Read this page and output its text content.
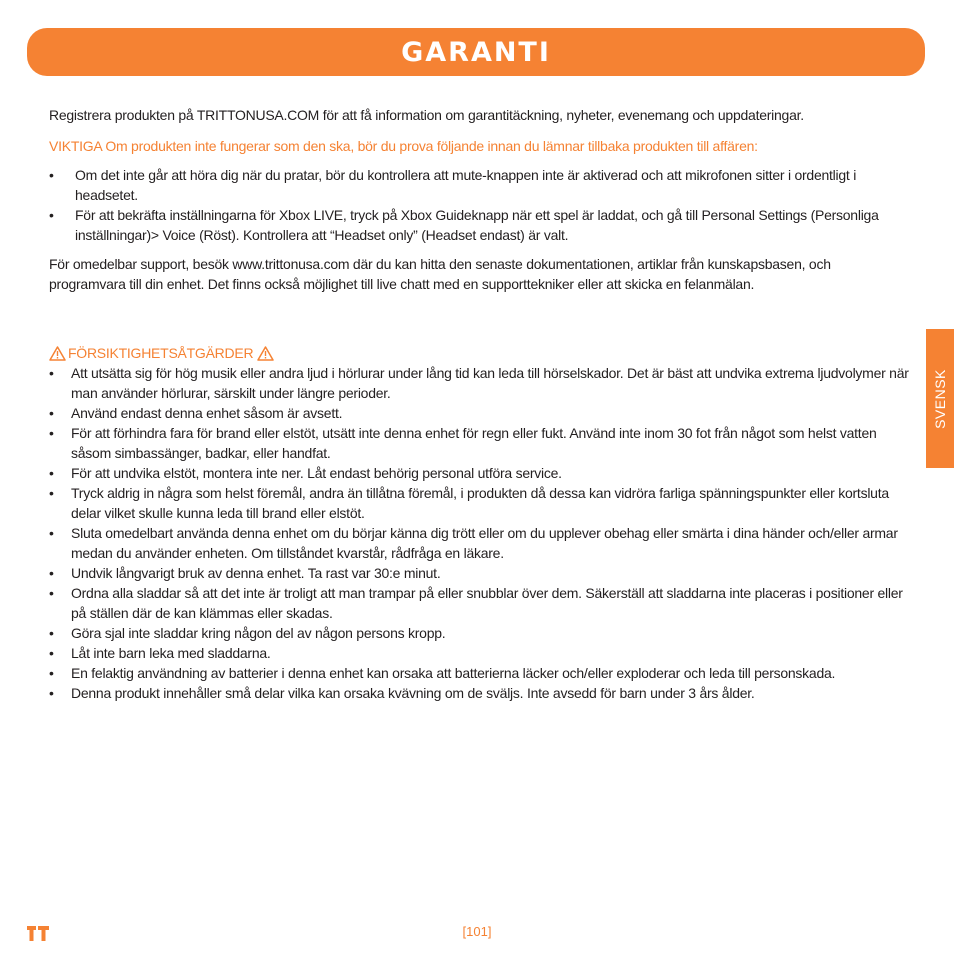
GARANTI
SVENSK

Registrera produkten på TRITTONUSA.COM för att få information om garantitäckning, nyheter, evenemang och uppdateringar.

VIKTIGA Om produkten inte fungerar som den ska, bör du prova följande innan du lämnar tillbaka produkten till affären:

• Om det inte går att höra dig när du pratar, bör du kontrollera att mute-knappen inte är aktiverad och att mikrofonen sitter i ordentligt i headsetet.
• För att bekräfta inställningarna för Xbox LIVE, tryck på Xbox Guideknapp när ett spel är laddat, och gå till Personal Settings (Personliga inställningar)> Voice (Röst). Kontrollera att “Headset only” (Headset endast) är valt.

För omedelbar support, besök www.trittonusa.com där du kan hitta den senaste dokumentationen, artiklar från kunskapsbasen, och programvara till din enhet. Det finns också möjlighet till live chatt med en supporttekniker eller att skicka en felanmälan.

FÖRSIKTIGHETSÅTGÄRDER
• Att utsätta sig för hög musik eller andra ljud i hörlurar under lång tid kan leda till hörselskador. Det är bäst att undvika extrema ljudvolymer när man använder hörlurar, särskilt under längre perioder.
• Använd endast denna enhet såsom är avsett.
• För att förhindra fara för brand eller elstöt, utsätt inte denna enhet för regn eller fukt. Använd inte inom 30 fot från något som helst vatten såsom simbassänger, badkar, eller handfat.
• För att undvika elstöt, montera inte ner. Låt endast behörig personal utföra service.
• Tryck aldrig in några som helst föremål, andra än tillåtna föremål, i produkten då dessa kan vidröra farliga spänningspunkter eller kortsluta delar vilket skulle kunna leda till brand eller elstöt.
• Sluta omedelbart använda denna enhet om du börjar känna dig trött eller om du upplever obehag eller smärta i dina händer och/eller armar medan du använder enheten. Om tillståndet kvarstår, rådfråga en läkare.
• Undvik långvarigt bruk av denna enhet. Ta rast var 30:e minut.
• Ordna alla sladdar så att det inte är troligt att man trampar på eller snubblar över dem. Säkerställ att sladdarna inte placeras i positioner eller på ställen där de kan klämmas eller skadas.
• Göra sjal inte sladdar kring någon del av någon persons kropp.
• Låt inte barn leka med sladdarna.
• En felaktig användning av batterier i denna enhet kan orsaka att batterierna läcker och/eller exploderar och leda till personskada.
• Denna produkt innehåller små delar vilka kan orsaka kvävning om de sväljs. Inte avsedd för barn under 3 års ålder.
[101]
